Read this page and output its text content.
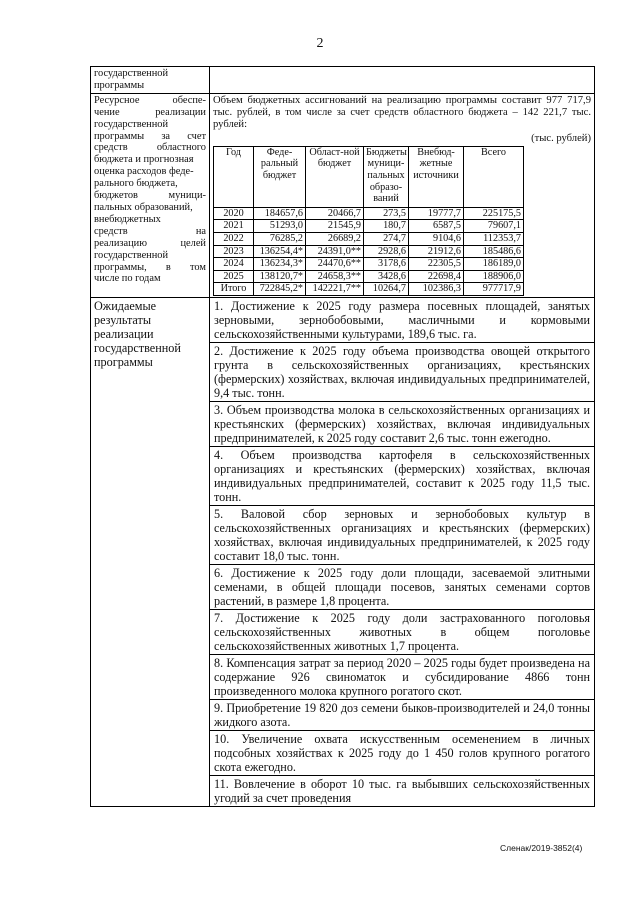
2
государственной программы

Ресурсное обеспе-
чение реализации
государственной
программы за счет
средств областного
бюджета и прогнозная
оценка расходов феде-
рального бюджета,
бюджетов муници-
пальных образований,
внебюджетных
средств на
реализацию целей
государственной
программы, в том
числе по годам

Объем бюджетных ассигнований на реализацию программы составит 977 717,9 тыс. рублей, в том числе за счет средств областного бюджета – 142 221,7 тыс. рублей:
(тыс. рублей)
Год	Феде-ральный бюджет	Област-ной бюджет	Бюджеты муници-пальных образо-ваний	Внебюд-жетные источники	Всего
2020	184657,6	20466,7	273,5	19777,7	225175,5
2021	51293,0	21545,9	180,7	6587,5	79607,1
2022	76285,2	26689,2	274,7	9104,6	112353,7
2023	136254,4*	24391,0**	2928,6	21912,6	185486,6
2024	136234,3*	24470,6**	3178,6	22305,5	186189,0
2025	138120,7*	24658,3**	3428,6	22698,4	188906,0
Итого	722845,2*	142221,7**	10264,7	102386,3	977717,9

Ожидаемые
результаты
реализации
государственной
программы

1. Достижение к 2025 году размера посевных площадей, занятых зерновыми, зернобобовыми, масличными и кормовыми сельскохозяйственными культурами, 189,6 тыс. га.
2. Достижение к 2025 году объема производства овощей открытого грунта в сельскохозяйственных организациях, крестьянских (фермерских) хозяйствах, включая индивидуальных предпринимателей, 9,4 тыс. тонн.
3. Объем производства молока в сельскохозяйственных организациях и крестьянских (фермерских) хозяйствах, включая индивидуальных предпринимателей, к 2025 году составит 2,6 тыс. тонн ежегодно.
4. Объем производства картофеля в сельскохозяйственных организациях и крестьянских (фермерских) хозяйствах, включая индивидуальных предпринимателей, составит к 2025 году 11,5 тыс. тонн.
5. Валовой сбор зерновых и зернобобовых культур в сельскохозяйственных организациях и крестьянских (фермерских) хозяйствах, включая индивидуальных предпринимателей, к 2025 году составит 18,0 тыс. тонн.
6. Достижение к 2025 году доли площади, засеваемой элитными семенами, в общей площади посевов, занятых семенами сортов растений, в размере 1,8 процента.
7. Достижение к 2025 году доли застрахованного поголовья сельскохозяйственных животных в общем поголовье сельскохозяйственных животных 1,7 процента.
8. Компенсация затрат за период 2020 – 2025 годы будет произведена на содержание 926 свиноматок и субсидирование 4866 тонн произведенного молока крупного рогатого скот.
9. Приобретение 19 820 доз семени быков-производителей и 24,0 тонны жидкого азота.
10. Увеличение охвата искусственным осеменением в личных подсобных хозяйствах к 2025 году до 1 450 голов крупного рогатого скота ежегодно.
11. Вовлечение в оборот 10 тыс. га выбывших сельскохозяйственных угодий за счет проведения
Сленак/2019-3852(4)
